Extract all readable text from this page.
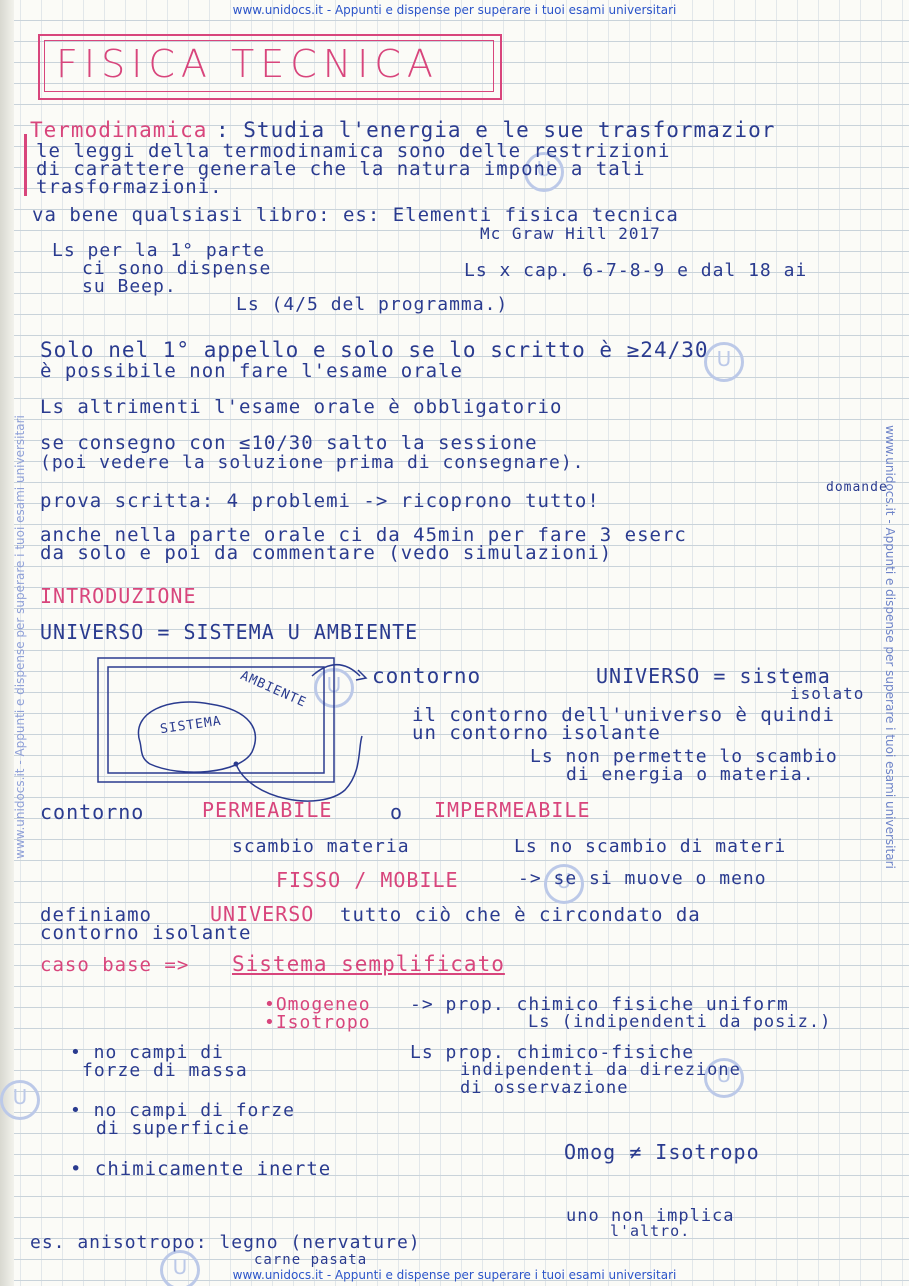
www.unidocs.it - Appunti e dispense per superare i tuoi esami universitari
www.unidocs.it - Appunti e dispense per superare i tuoi esami universitari
www.unidocs.it - Appunti e dispense per superare i tuoi esami universitari	www.unidocs.it - Appunti e dispense per superare i tuoi esami universitari
U
U
U
U
U
U
U
FISICA TECNICA
Termodinamica : Studia l'energia e le sue trasformazior
le leggi della termodinamica sono delle restrizioni
di carattere generale che la natura impone a tali
trasformazioni.
va bene qualsiasi libro: es: Elementi fisica tecnica
Mc Graw Hill 2017
Ls per la 1° parte
ci sono dispense
su Beep.
Ls x cap. 6-7-8-9 e dal 18 ai
Ls (4/5 del programma.)
Solo nel 1° appello e solo se lo scritto è ≥24/30
è possibile non fare l'esame orale
Ls altrimenti l'esame orale è obbligatorio
se consegno con ≤10/30 salto la sessione
(poi vedere la soluzione prima di consegnare).
prova scritta: 4 problemi -> ricoprono tutto!
domande
anche nella parte orale ci da 45min per fare 3 eserc
da solo e poi da commentare (vedo simulazioni)
INTRODUZIONE
UNIVERSO = SISTEMA U AMBIENTE
SISTEMA
AMBIENTE	contorno	UNIVERSO = sistema
isolato
il contorno dell'universo è quindi
un contorno isolante
Ls non permette lo scambio
di energia o materia.
contorno	PERMEABILE	o IMPERMEABILE
scambio materia	Ls no scambio di materi
FISSO / MOBILE	-> se si muove o meno
definiamo	UNIVERSO tutto ciò che è circondato da
contorno isolante
caso base => Sistema semplificato
•Omogeneo -> prop. chimico fisiche uniform
•Isotropo	Ls (indipendenti da posiz.)
Ls prop. chimico-fisiche
indipendenti da direzione
di osservazione
• no campi di
forze di massa
• no campi di forze
di superficie
• chimicamente inerte
Omog ≠ Isotropo
uno non implica
l'altro.
es. anisotropo: legno (nervature)
carne pasata
